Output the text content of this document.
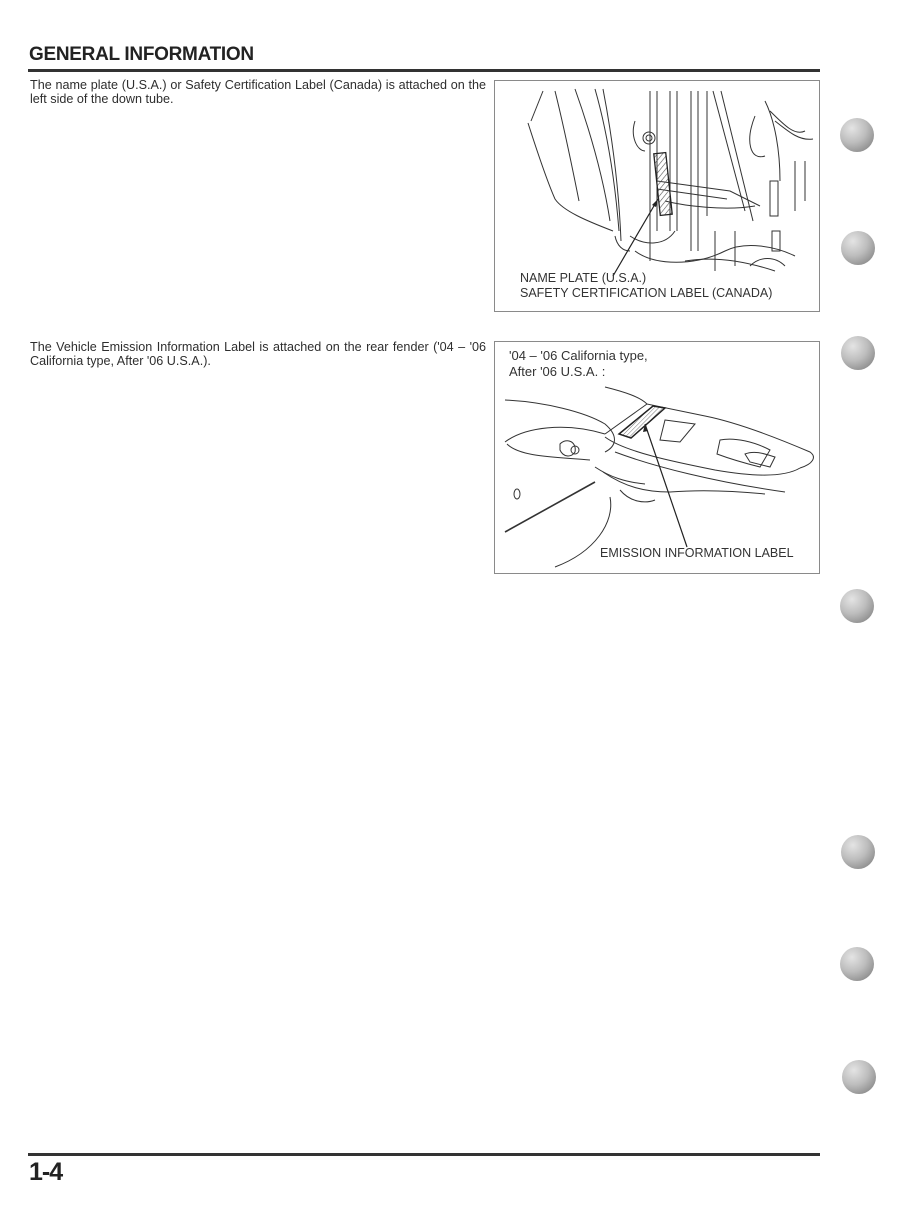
GENERAL INFORMATION
The name plate (U.S.A.) or Safety Certification Label (Canada) is attached on the left side of the down tube.
NAME PLATE (U.S.A.)
SAFETY CERTIFICATION LABEL (CANADA)
The Vehicle Emission Information Label is attached on the rear fender ('04 – '06 California type, After '06 U.S.A.).	'04 – '06 California type,
After '06 U.S.A. :
EMISSION INFORMATION LABEL
1-4
